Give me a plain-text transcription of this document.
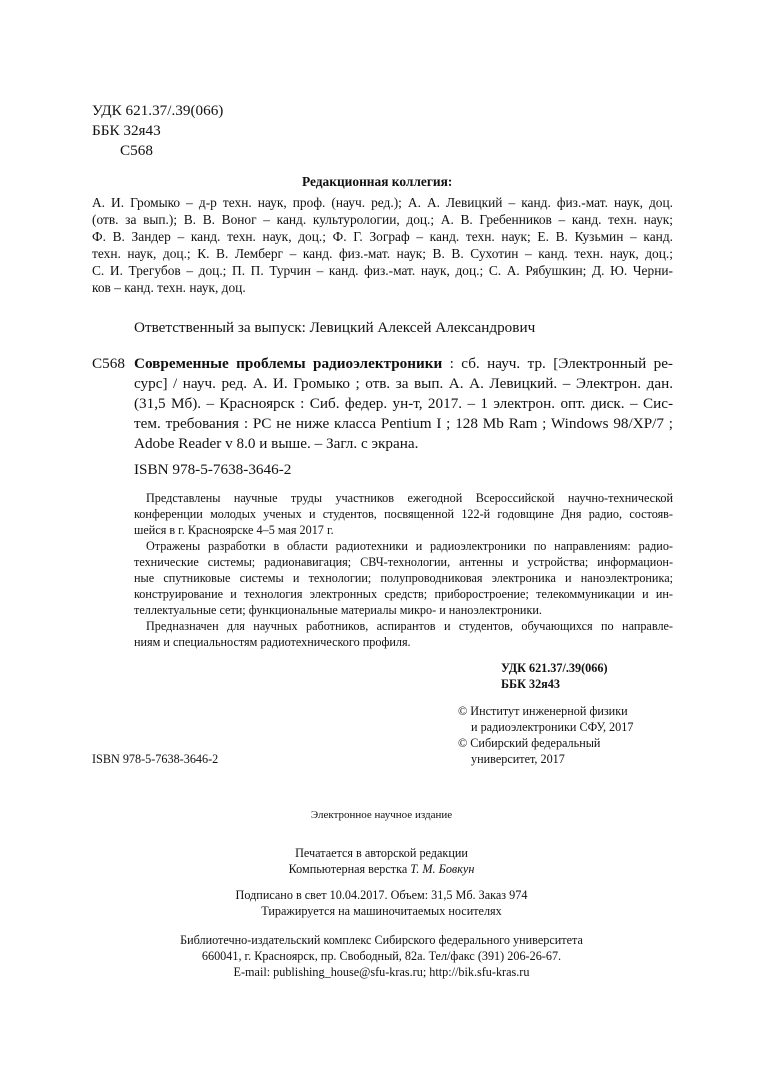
УДК 621.37/.39(066)
ББК 32я43
С568
Редакционная коллегия:
А. И. Громыко – д-р техн. наук, проф. (науч. ред.); А. А. Левицкий – канд. физ.-мат. наук, доц.
(отв. за вып.); В. В. Воног – канд. культурологии, доц.; А. В. Гребенников – канд. техн. наук;
Ф. В. Зандер – канд. техн. наук, доц.; Ф. Г. Зограф – канд. техн. наук; Е. В. Кузьмин – канд.
техн. наук, доц.; К. В. Лемберг – канд. физ.-мат. наук; В. В. Сухотин – канд. техн. наук, доц.;
С. И. Трегубов – доц.; П. П. Турчин – канд. физ.-мат. наук, доц.; С. А. Рябушкин; Д. Ю. Черни-
ков – канд. техн. наук, доц.
Ответственный за выпуск: Левицкий Алексей Александрович
С568 Современные проблемы радиоэлектроники : сб. науч. тр. [Электронный ре-
сурс] / науч. ред. А. И. Громыко ; отв. за вып. А. А. Левицкий. – Электрон. дан.
(31,5 Мб). – Красноярск : Сиб. федер. ун-т, 2017. – 1 электрон. опт. диск. – Сис-
тем. требования : PC не ниже класса Pentium I ; 128 Mb Ram ; Windows 98/XP/7 ;
Adobe Reader v 8.0 и выше. – Загл. с экрана.
ISBN 978-5-7638-3646-2
Представлены научные труды участников ежегодной Всероссийской научно-технической
конференции молодых ученых и студентов, посвященной 122-й годовщине Дня радио, состояв-
шейся в г. Красноярске 4–5 мая 2017 г.
Отражены разработки в области радиотехники и радиоэлектроники по направлениям: радио-
технические системы; радионавигация; СВЧ-технологии, антенны и устройства; информацион-
ные спутниковые системы и технологии; полупроводниковая электроника и наноэлектроника;
конструирование и технология электронных средств; приборостроение; телекоммуникации и ин-
теллектуальные сети; функциональные материалы микро- и наноэлектроники.
Предназначен для научных работников, аспирантов и студентов, обучающихся по направле-
ниям и специальностям радиотехнического профиля.
УДК 621.37/.39(066)
ББК 32я43
© Институт инженерной физики
и радиоэлектроники СФУ, 2017
© Сибирский федеральный
университет, 2017
ISBN 978-5-7638-3646-2
Электронное научное издание
Печатается в авторской редакции
Компьютерная верстка Т. М. Бовкун
Подписано в свет 10.04.2017. Объем: 31,5 Мб. Заказ 974
Тиражируется на машиночитаемых носителях
Библиотечно-издательский комплекс Сибирского федерального университета
660041, г. Красноярск, пр. Свободный, 82а. Тел/факс (391) 206-26-67.
E-mail: publishing_house@sfu-kras.ru; http://bik.sfu-kras.ru
